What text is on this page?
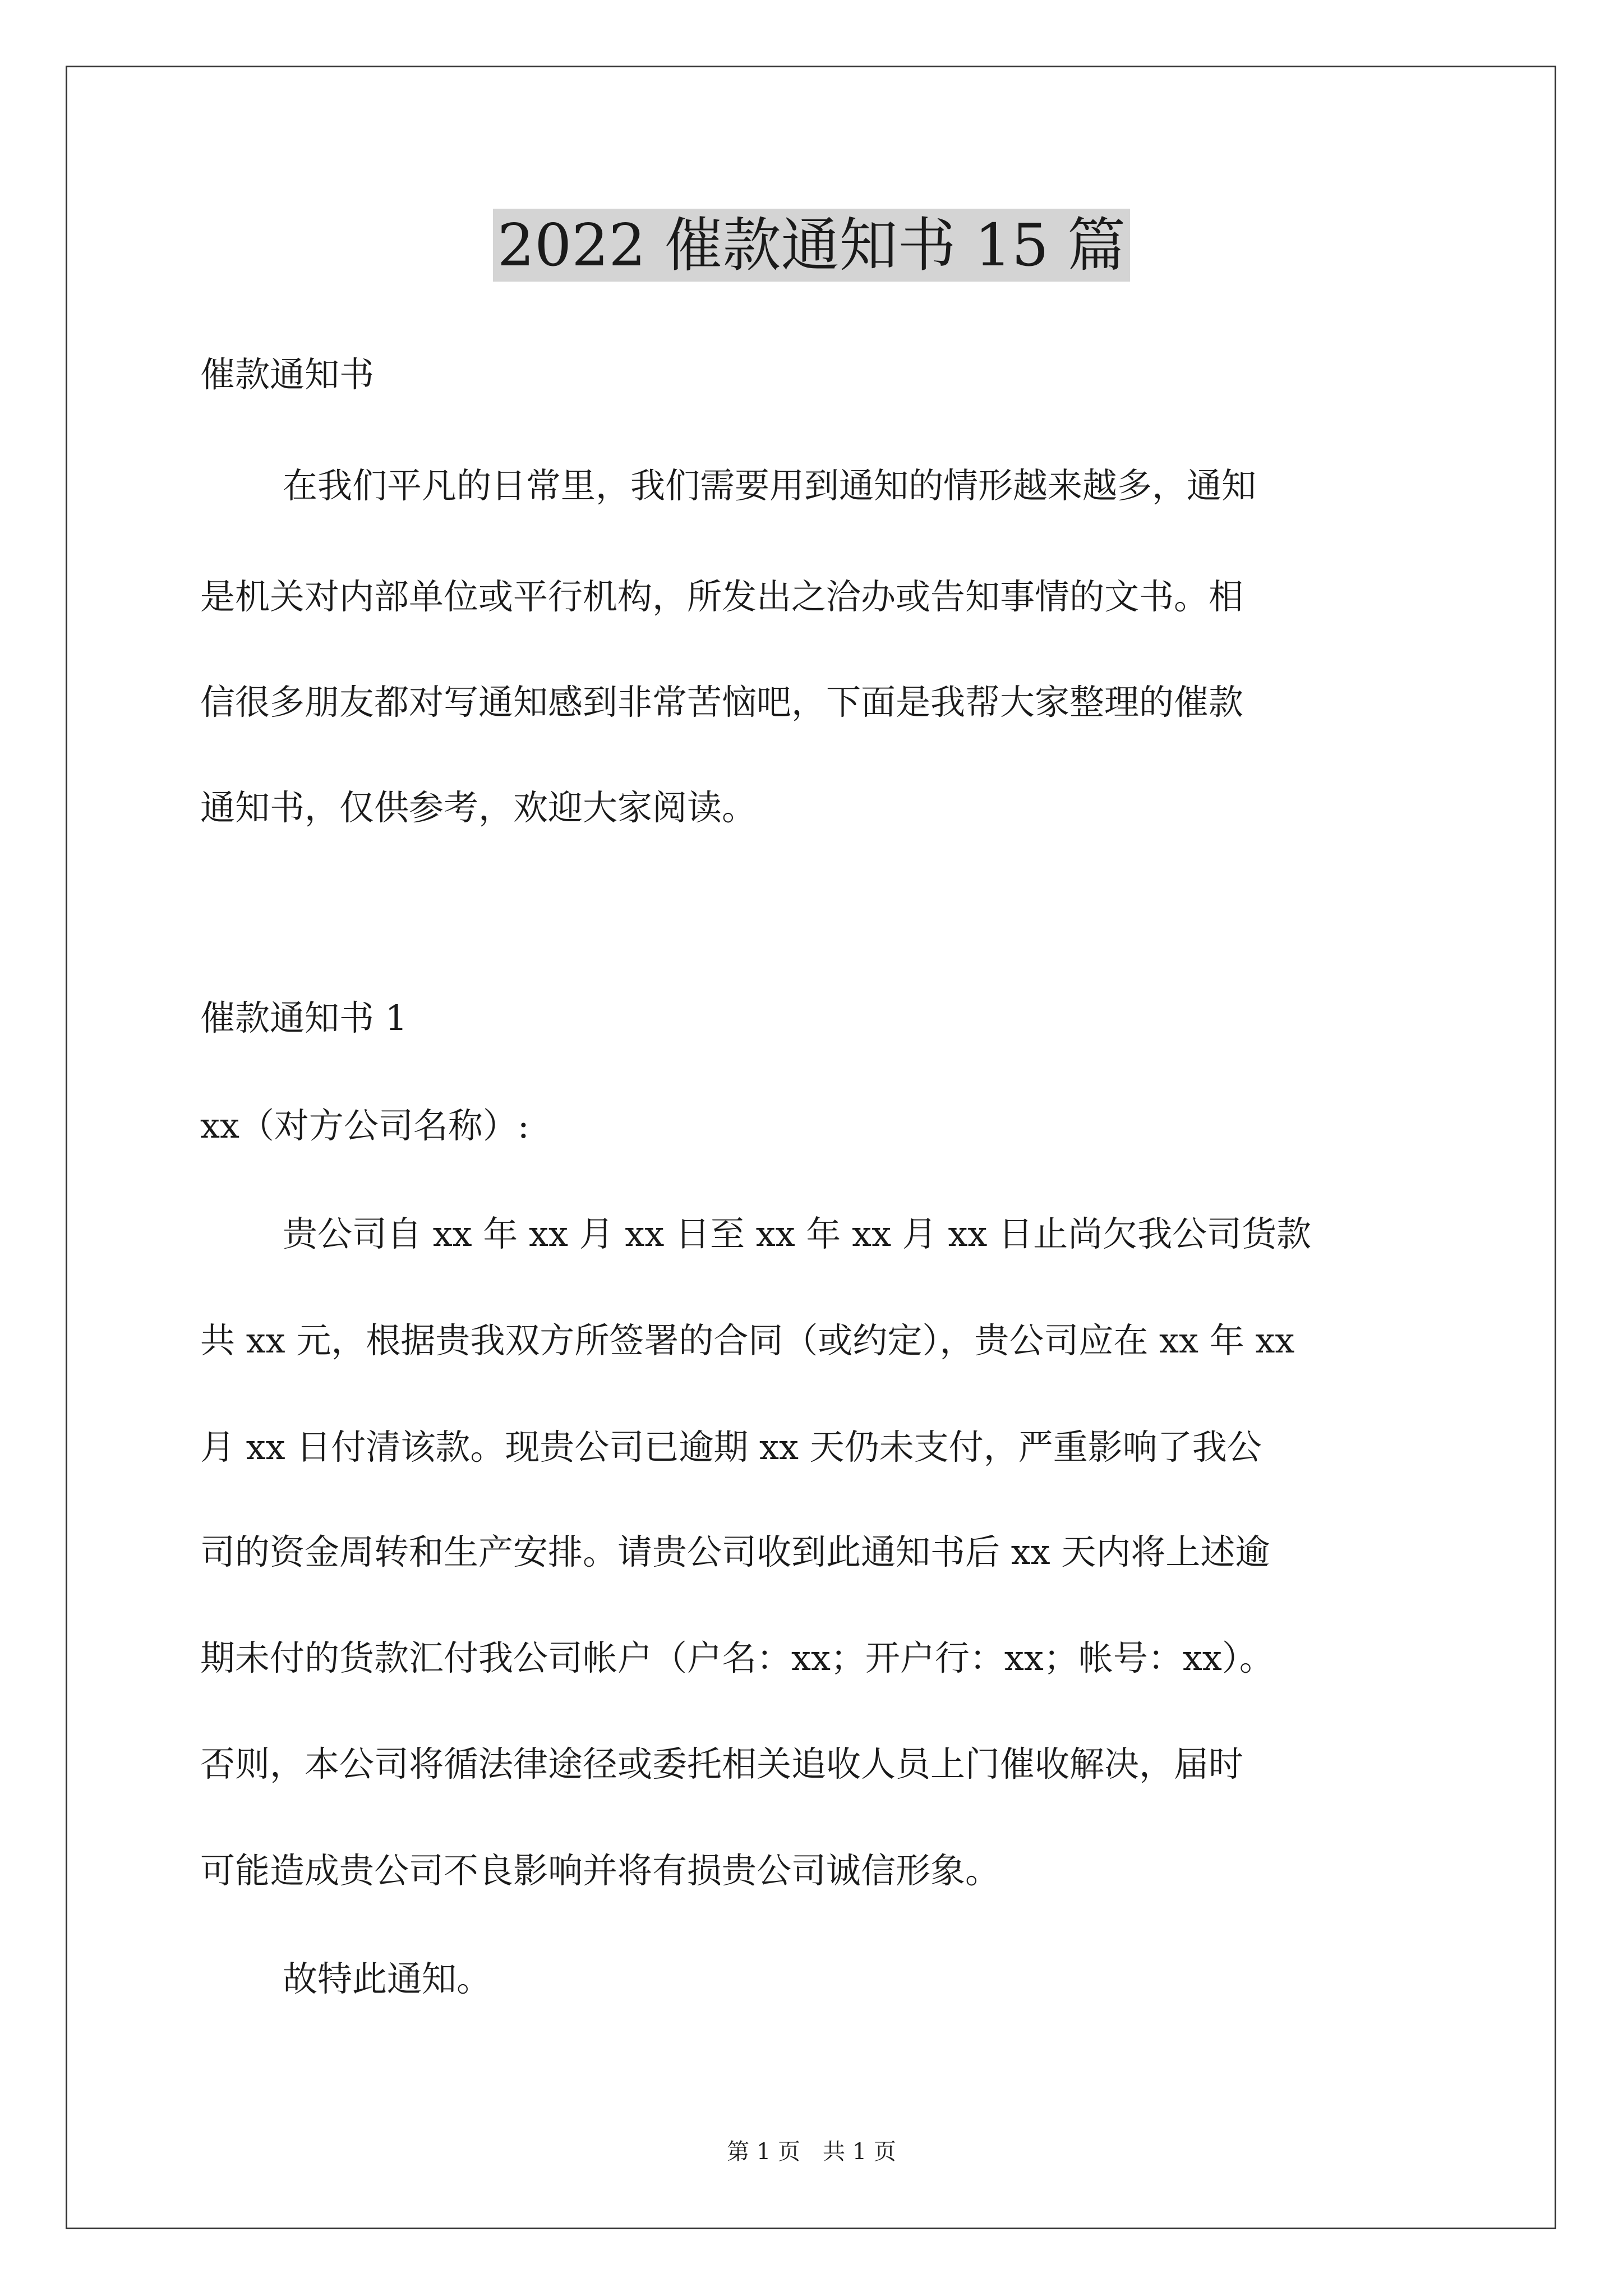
2022 催款通知书 15 篇

催款通知书

在我们平凡的日常里，我们需要用到通知的情形越来越多，通知

是机关对内部单位或平行机构，所发出之洽办或告知事情的文书。相

信很多朋友都对写通知感到非常苦恼吧，下面是我帮大家整理的催款

通知书，仅供参考，欢迎大家阅读。

催款通知书 1

xx（对方公司名称）:

贵公司自 xx 年 xx 月 xx 日至 xx 年 xx 月 xx 日止尚欠我公司货款

共 xx 元，根据贵我双方所签署的合同（或约定），贵公司应在 xx 年 xx

月 xx 日付清该款。现贵公司已逾期 xx 天仍未支付，严重影响了我公

司的资金周转和生产安排。请贵公司收到此通知书后 xx 天内将上述逾

期未付的货款汇付我公司帐户（户名：xx；开户行：xx；帐号：xx）。

否则，本公司将循法律途径或委托相关追收人员上门催收解决，届时

可能造成贵公司不良影响并将有损贵公司诚信形象。

故特此通知。

第 1 页　共 1 页
